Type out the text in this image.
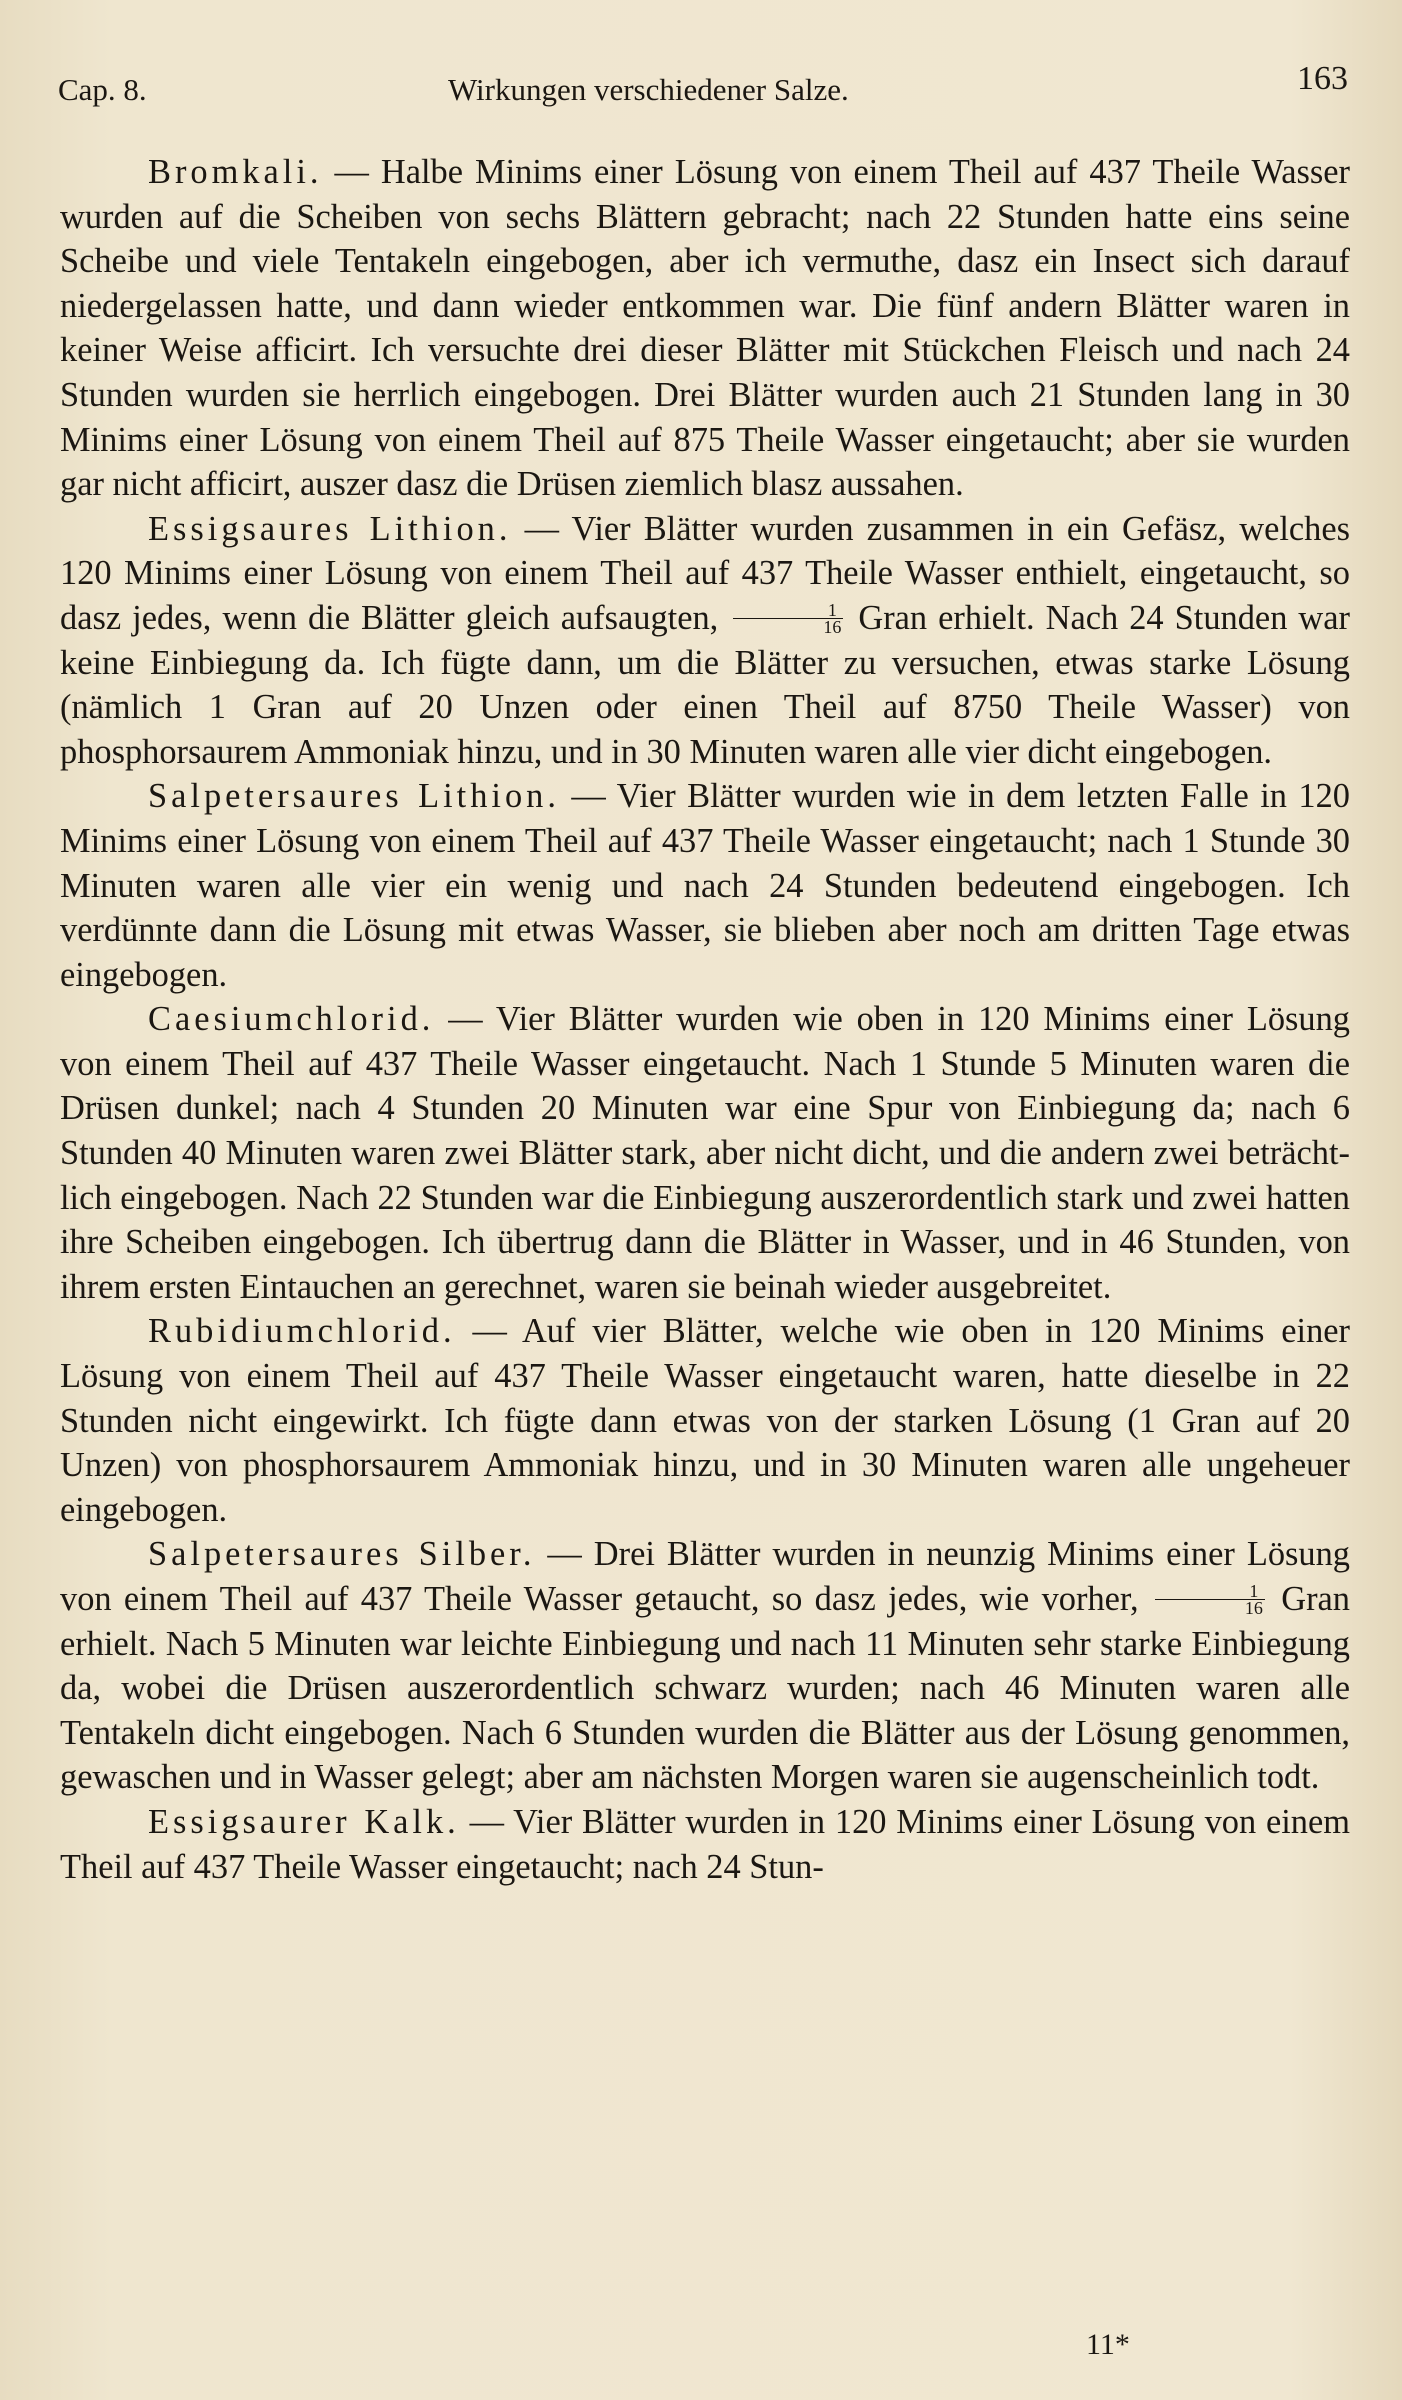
Cap. 8.	Wirkungen verschiedener Salze.	163

Bromkali. — Halbe Minims einer Lösung von einem Theil auf 437 Theile Wasser wurden auf die Scheiben von sechs Blättern gebracht; nach 22 Stunden hatte eins seine Scheibe und viele Tentakeln eingebogen, aber ich vermuthe, dasz ein Insect sich darauf niedergelassen hatte, und dann wieder entkommen war. Die fünf andern Blätter waren in keiner Weise afficirt. Ich versuchte drei dieser Blätter mit Stückchen Fleisch und nach 24 Stunden wurden sie herrlich eingebogen. Drei Blätter wurden auch 21 Stunden lang in 30 Minims einer Lösung von einem Theil auf 875 Theile Wasser eingetaucht; aber sie wurden gar nicht afficirt, auszer dasz die Drüsen ziemlich blasz aussahen.

Essigsaures Lithion. — Vier Blätter wurden zusammen in ein Gefäsz, welches 120 Minims einer Lösung von einem Theil auf 437 Theile Wasser enthielt, eingetaucht, so dasz jedes, wenn die Blätter gleich aufsaugten, $\frac{1}{16}$ Gran erhielt. Nach 24 Stunden war keine Einbiegung da. Ich fügte dann, um die Blätter zu versuchen, etwas starke Lösung (nämlich 1 Gran auf 20 Unzen oder einen Theil auf 8750 Theile Wasser) von phosphorsaurem Ammoniak hinzu, und in 30 Minuten waren alle vier dicht eingebogen.

Salpetersaures Lithion. — Vier Blätter wurden wie in dem letzten Falle in 120 Minims einer Lösung von einem Theil auf 437 Theile Wasser eingetaucht; nach 1 Stunde 30 Minuten waren alle vier ein wenig und nach 24 Stunden bedeutend eingebogen. Ich verdünnte dann die Lösung mit etwas Wasser, sie blieben aber noch am dritten Tage etwas eingebogen.

Caesiumchlorid. — Vier Blätter wurden wie oben in 120 Minims einer Lösung von einem Theil auf 437 Theile Wasser eingetaucht. Nach 1 Stunde 5 Minuten waren die Drüsen dunkel; nach 4 Stunden 20 Minuten war eine Spur von Einbiegung da; nach 6 Stunden 40 Minuten waren zwei Blätter stark, aber nicht dicht, und die andern zwei beträchtlich eingebogen. Nach 22 Stunden war die Einbiegung auszerordentlich stark und zwei hatten ihre Scheiben eingebogen. Ich übertrug dann die Blätter in Wasser, und in 46 Stunden, von ihrem ersten Eintauchen an gerechnet, waren sie beinah wieder ausgebreitet.

Rubidiumchlorid. — Auf vier Blätter, welche wie oben in 120 Minims einer Lösung von einem Theil auf 437 Theile Wasser eingetaucht waren, hatte dieselbe in 22 Stunden nicht eingewirkt. Ich fügte dann etwas von der starken Lösung (1 Gran auf 20 Unzen) von phosphorsaurem Ammoniak hinzu, und in 30 Minuten waren alle ungeheuer eingebogen.

Salpetersaures Silber. — Drei Blätter wurden in neunzig Minims einer Lösung von einem Theil auf 437 Theile Wasser getaucht, so dasz jedes, wie vorher, $\frac{1}{16}$ Gran erhielt. Nach 5 Minuten war leichte Einbiegung und nach 11 Minuten sehr starke Einbiegung da, wobei die Drüsen auszerordentlich schwarz wurden; nach 46 Minuten waren alle Tentakeln dicht eingebogen. Nach 6 Stunden wurden die Blätter aus der Lösung genommen, gewaschen und in Wasser gelegt; aber am nächsten Morgen waren sie augenscheinlich todt.

Essigsaurer Kalk. — Vier Blätter wurden in 120 Minims einer Lösung von einem Theil auf 437 Theile Wasser eingetaucht; nach 24 Stun-

11*
